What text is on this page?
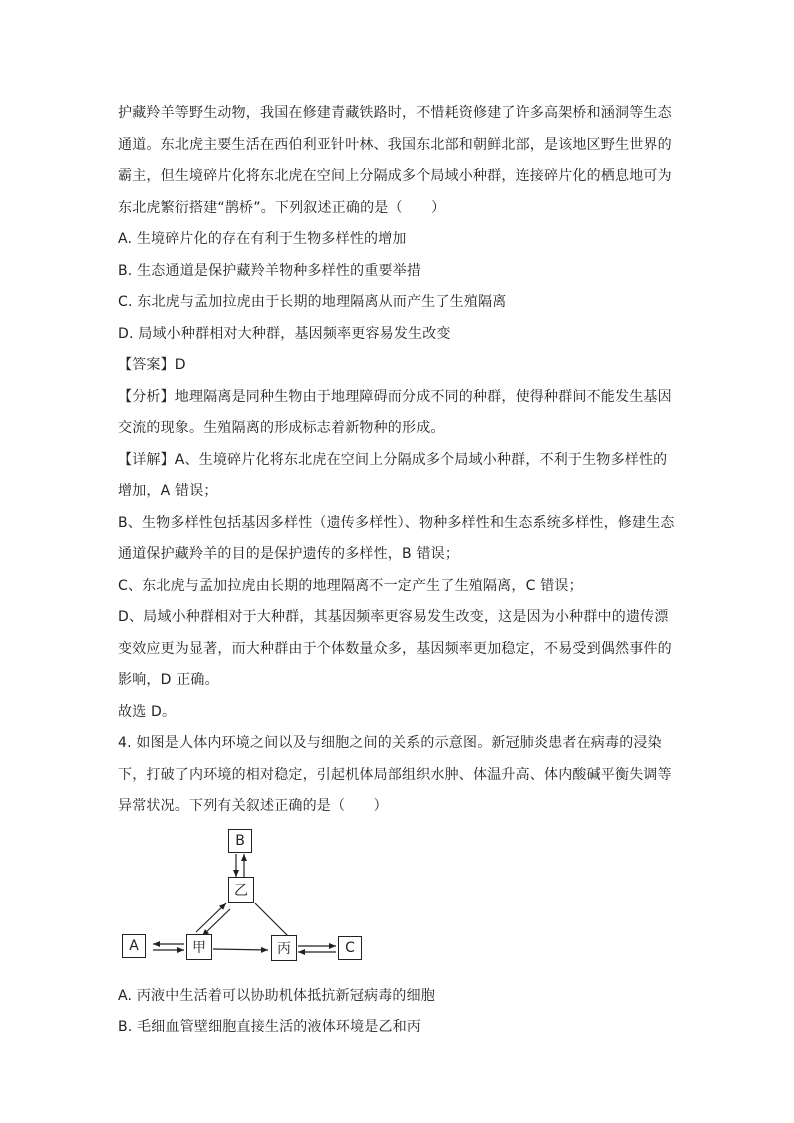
护藏羚羊等野生动物，我国在修建青藏铁路时，不惜耗资修建了许多高架桥和涵洞等生态
通道。东北虎主要生活在西伯利亚针叶林、我国东北部和朝鲜北部，是该地区野生世界的
霸主，但生境碎片化将东北虎在空间上分隔成多个局域小种群，连接碎片化的栖息地可为
东北虎繁衍搭建“鹊桥”。下列叙述正确的是（　　）
A. 生境碎片化的存在有利于生物多样性的增加
B. 生态通道是保护藏羚羊物种多样性的重要举措
C. 东北虎与孟加拉虎由于长期的地理隔离从而产生了生殖隔离
D. 局域小种群相对大种群，基因频率更容易发生改变
【答案】D
【分析】地理隔离是同种生物由于地理障碍而分成不同的种群，使得种群间不能发生基因
交流的现象。生殖隔离的形成标志着新物种的形成。
【详解】A、生境碎片化将东北虎在空间上分隔成多个局域小种群，不利于生物多样性的
增加，A 错误；
B、生物多样性包括基因多样性（遗传多样性）、物种多样性和生态系统多样性，修建生态
通道保护藏羚羊的目的是保护遗传的多样性，B 错误；
C、东北虎与孟加拉虎由长期的地理隔离不一定产生了生殖隔离，C 错误；
D、局域小种群相对于大种群，其基因频率更容易发生改变，这是因为小种群中的遗传漂
变效应更为显著，而大种群由于个体数量众多，基因频率更加稳定，不易受到偶然事件的
影响，D 正确。
故选 D。
4. 如图是人体内环境之间以及与细胞之间的关系的示意图。新冠肺炎患者在病毒的浸染
下，打破了内环境的相对稳定，引起机体局部组织水肿、体温升高、体内酸碱平衡失调等
异常状况。下列有关叙述正确的是（　　）
B
乙
A	甲	丙	C
A. 丙液中生活着可以协助机体抵抗新冠病毒的细胞
B. 毛细血管壁细胞直接生活的液体环境是乙和丙
